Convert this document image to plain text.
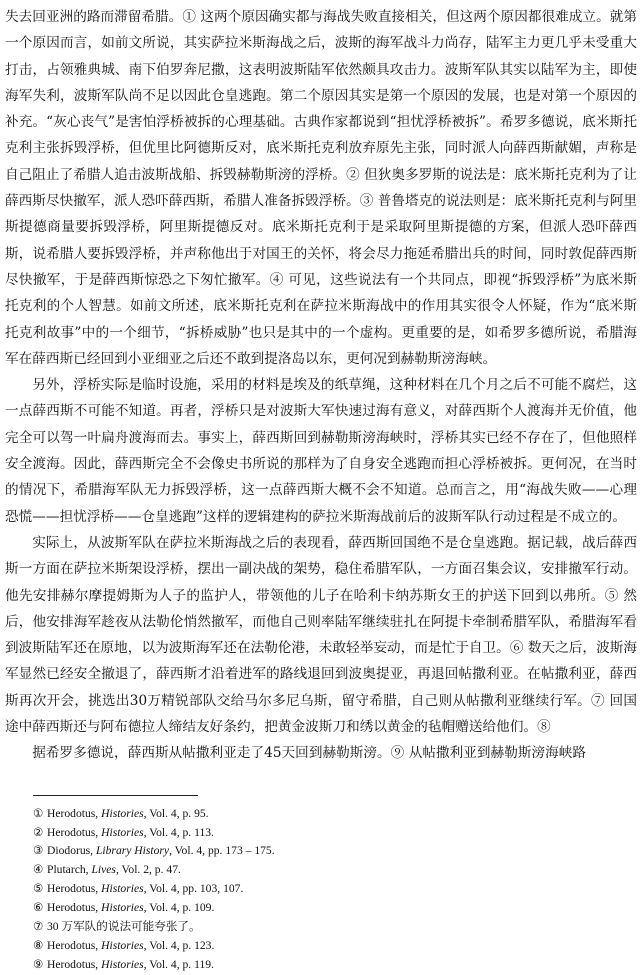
失去回亚洲的路而滞留希腊。① 这两个原因确实都与海战失败直接相关，但这两个原因都很难成立。就第一个原因而言，如前文所说，其实萨拉米斯海战之后，波斯的海军战斗力尚存，陆军主力更几乎未受重大打击，占领雅典城、南下伯罗奔尼撒，这表明波斯陆军依然颇具攻击力。波斯军队其实以陆军为主，即使海军失利，波斯军队尚不足以因此仓皇逃跑。第二个原因其实是第一个原因的发展，也是对第一个原因的补充。“灰心丧气”是害怕浮桥被拆的心理基础。古典作家都说到“担忧浮桥被拆”。希罗多德说，底米斯托克利主张拆毁浮桥，但优里比阿德斯反对，底米斯托克利放弃原先主张，同时派人向薛西斯献媚，声称是自己阻止了希腊人追击波斯战船、拆毁赫勒斯滂的浮桥。② 但狄奥多罗斯的说法是：底米斯托克利为了让薛西斯尽快撤军，派人恐吓薛西斯，希腊人准备拆毁浮桥。③ 普鲁塔克的说法则是：底米斯托克利与阿里斯提德商量要拆毁浮桥，阿里斯提德反对。底米斯托克利于是采取阿里斯提德的方案，但派人恐吓薛西斯，说希腊人要拆毁浮桥，并声称他出于对国王的关怀，将会尽力拖延希腊出兵的时间，同时敦促薛西斯尽快撤军，于是薛西斯惊恐之下匆忙撤军。④ 可见，这些说法有一个共同点，即视“拆毁浮桥”为底米斯托克利的个人智慧。如前文所述，底米斯托克利在萨拉米斯海战中的作用其实很令人怀疑，作为“底米斯托克利故事”中的一个细节，“拆桥威胁”也只是其中的一个虚构。更重要的是，如希罗多德所说，希腊海军在薛西斯已经回到小亚细亚之后还不敢到提洛岛以东，更何况到赫勒斯滂海峡。

另外，浮桥实际是临时设施，采用的材料是埃及的纸草绳，这种材料在几个月之后不可能不腐烂，这一点薛西斯不可能不知道。再者，浮桥只是对波斯大军快速过海有意义，对薛西斯个人渡海并无价值，他完全可以驾一叶扁舟渡海而去。事实上，薛西斯回到赫勒斯滂海峡时，浮桥其实已经不存在了，但他照样安全渡海。因此，薛西斯完全不会像史书所说的那样为了自身安全逃跑而担心浮桥被拆。更何况，在当时的情况下，希腊海军队无力拆毁浮桥，这一点薛西斯大概不会不知道。总而言之，用“海战失败——心理恐慌——担忧浮桥——仓皇逃跑”这样的逻辑建构的萨拉米斯海战前后的波斯军队行动过程是不成立的。

实际上，从波斯军队在萨拉米斯海战之后的表现看，薛西斯回国绝不是仓皇逃跑。据记载，战后薛西斯一方面在萨拉米斯架设浮桥，摆出一副决战的架势，稳住希腊军队，一方面召集会议，安排撤军行动。他先安排赫尔摩提姆斯为人子的监护人，带领他的儿子在哈利卡纳苏斯女王的护送下回到以弗所。⑤ 然后，他安排海军趁夜从法勒伦悄然撤军，而他自己则率陆军继续驻扎在阿提卡牵制希腊军队，希腊海军看到波斯陆军还在原地，以为波斯海军还在法勒伦港，未敢轻举妄动，而是忙于自卫。⑥ 数天之后，波斯海军显然已经安全撤退了，薛西斯才沿着进军的路线退回到波奥提亚，再退回帖撒利亚。在帖撒利亚，薛西斯再次开会，挑选出30万精锐部队交给马尔多尼乌斯，留守希腊，自己则从帖撒利亚继续行军。⑦ 回国途中薛西斯还与阿布德拉人缔结友好条约，把黄金波斯刀和绣以黄金的毡帽赠送给他们。⑧

据希罗多德说，薛西斯从帖撒利亚走了45天回到赫勒斯滂。⑨ 从帖撒利亚到赫勒斯滂海峡路

① Herodotus, Histories, Vol. 4, p. 95.
② Herodotus, Histories, Vol. 4, p. 113.
③ Diodorus, Library History, Vol. 4, pp. 173 – 175.
④ Plutarch, Lives, Vol. 2, p. 47.
⑤ Herodotus, Histories, Vol. 4, pp. 103, 107.
⑥ Herodotus, Histories, Vol. 4, p. 109.
⑦ 30 万军队的说法可能夸张了。
⑧ Herodotus, Histories, Vol. 4, p. 123.
⑨ Herodotus, Histories, Vol. 4, p. 119.
